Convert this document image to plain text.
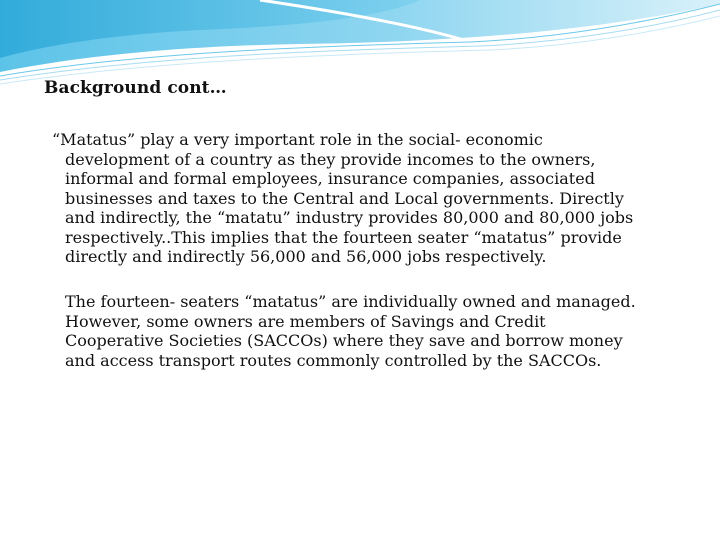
Background cont…

“Matatus” play a very important role in the social- economic
development of a country as they provide incomes to the owners,
informal and formal employees, insurance companies, associated
businesses and taxes to the Central and Local governments. Directly
and indirectly, the “matatu” industry provides 80,000 and 80,000 jobs
respectively..This implies that the fourteen seater “matatus” provide
directly and indirectly 56,000 and 56,000 jobs respectively.

The fourteen- seaters “matatus” are individually owned and managed.
However, some owners are members of Savings and Credit
Cooperative Societies (SACCOs) where they save and borrow money
and access transport routes commonly controlled by the SACCOs.
